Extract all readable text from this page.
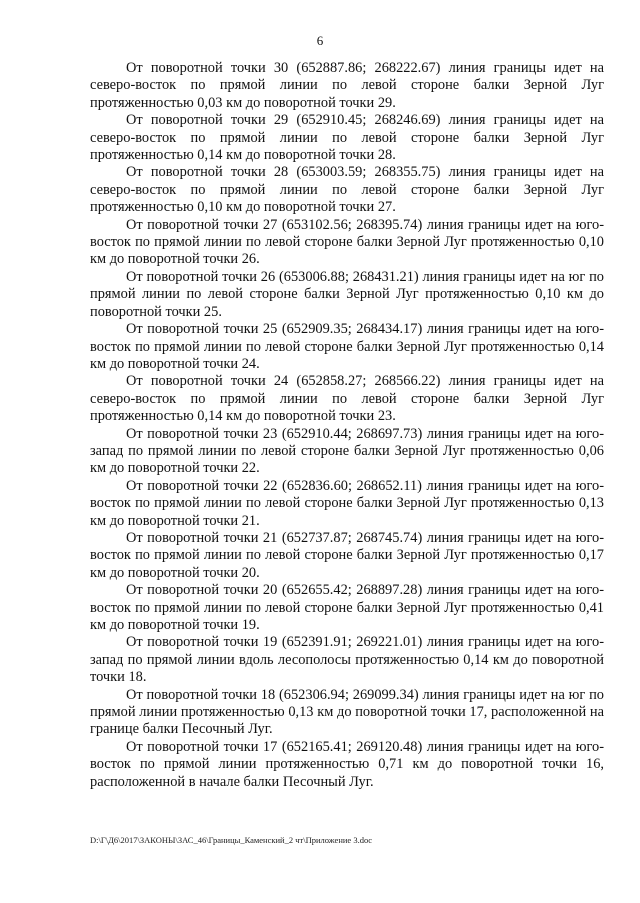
6

От поворотной точки 30 (652887.86; 268222.67) линия границы идет на северо-восток по прямой линии по левой стороне балки Зерной Луг протяженностью 0,03 км до поворотной точки 29.

От поворотной точки 29 (652910.45; 268246.69) линия границы идет на северо-восток по прямой линии по левой стороне балки Зерной Луг протяженностью 0,14 км до поворотной точки 28.

От поворотной точки 28 (653003.59; 268355.75) линия границы идет на северо-восток по прямой линии по левой стороне балки Зерной Луг протяженностью 0,10 км до поворотной точки 27.

От поворотной точки 27 (653102.56; 268395.74) линия границы идет на юго-восток по прямой линии по левой стороне балки Зерной Луг протяженностью 0,10 км до поворотной точки 26.

От поворотной точки 26 (653006.88; 268431.21) линия границы идет на юг по прямой линии по левой стороне балки Зерной Луг протяженностью 0,10 км до поворотной точки 25.

От поворотной точки 25 (652909.35; 268434.17) линия границы идет на юго-восток по прямой линии по левой стороне балки Зерной Луг протяженностью 0,14 км до поворотной точки 24.

От поворотной точки 24 (652858.27; 268566.22) линия границы идет на северо-восток по прямой линии по левой стороне балки Зерной Луг протяженностью 0,14 км до поворотной точки 23.

От поворотной точки 23 (652910.44; 268697.73) линия границы идет на юго-запад по прямой линии по левой стороне балки Зерной Луг протяженностью 0,06 км до поворотной точки 22.

От поворотной точки 22 (652836.60; 268652.11) линия границы идет на юго-восток по прямой линии по левой стороне балки Зерной Луг протяженностью 0,13 км до поворотной точки 21.

От поворотной точки 21 (652737.87; 268745.74) линия границы идет на юго-восток по прямой линии по левой стороне балки Зерной Луг протяженностью 0,17 км до поворотной точки 20.

От поворотной точки 20 (652655.42; 268897.28) линия границы идет на юго-восток по прямой линии по левой стороне балки Зерной Луг протяженностью 0,41 км до поворотной точки 19.

От поворотной точки 19 (652391.91; 269221.01) линия границы идет на юго-запад по прямой линии вдоль лесополосы протяженностью 0,14 км до поворотной точки 18.

От поворотной точки 18 (652306.94; 269099.34) линия границы идет на юг по прямой линии протяженностью 0,13 км до поворотной точки 17, расположенной на границе балки Песочный Луг.

От поворотной точки 17 (652165.41; 269120.48) линия границы идет на юго-восток по прямой линии протяженностью 0,71 км до поворотной точки 16, расположенной в начале балки Песочный Луг.

D:\Г\Д6\2017\ЗАКОНЫ\ЗАС_46\Границы_Каменский_2 чт\Приложение 3.doc
